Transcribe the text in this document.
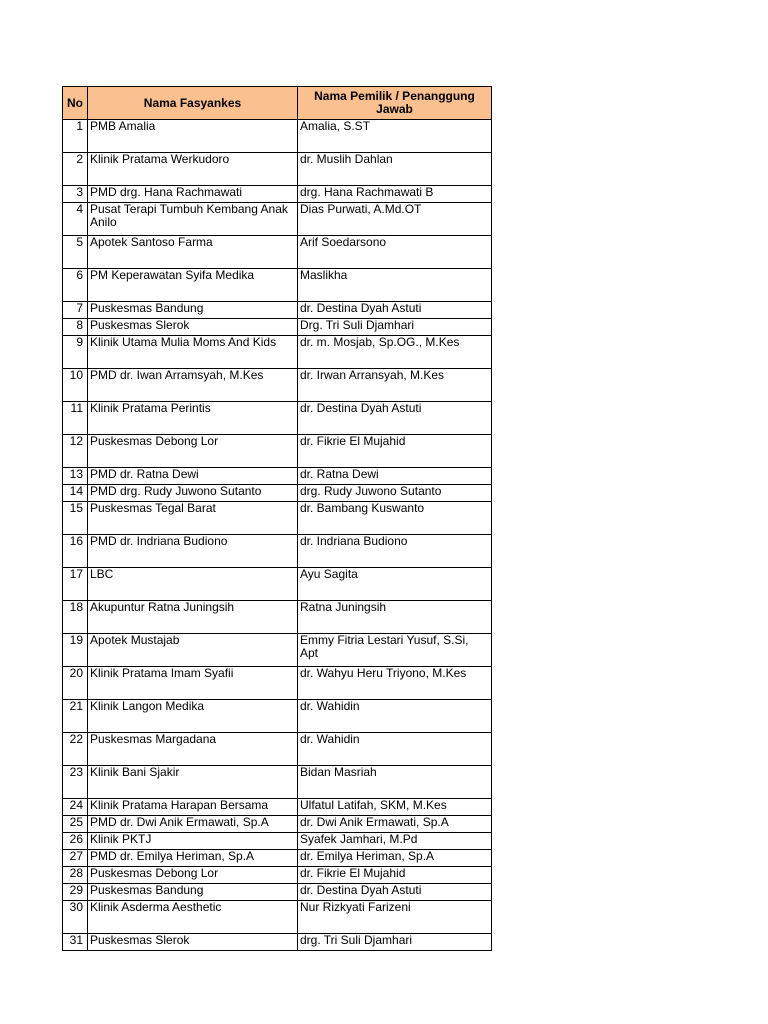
No	Nama Fasyankes	Nama Pemilik / Penanggung Jawab
1	PMB Amalia	Amalia, S.ST
2	Klinik Pratama Werkudoro	dr. Muslih Dahlan
3	PMD drg. Hana Rachmawati	drg. Hana Rachmawati B
4	Pusat Terapi Tumbuh Kembang Anak Anilo	Dias Purwati, A.Md.OT
5	Apotek Santoso Farma	Arif Soedarsono
6	PM Keperawatan Syifa Medika	Maslikha
7	Puskesmas Bandung	dr. Destina Dyah Astuti
8	Puskesmas Slerok	Drg. Tri Suli Djamhari
9	Klinik Utama Mulia Moms And Kids	dr. m. Mosjab, Sp.OG., M.Kes
10	PMD dr. Iwan Arramsyah, M.Kes	dr. Irwan Arransyah, M.Kes
11	Klinik Pratama Perintis	dr. Destina Dyah Astuti
12	Puskesmas Debong Lor	dr. Fikrie El Mujahid
13	PMD dr. Ratna Dewi	dr. Ratna Dewi
14	PMD drg. Rudy Juwono Sutanto	drg. Rudy Juwono Sutanto
15	Puskesmas Tegal Barat	dr. Bambang Kuswanto
16	PMD dr. Indriana Budiono	dr. Indriana Budiono
17	LBC	Ayu Sagita
18	Akupuntur Ratna Juningsih	Ratna Juningsih
19	Apotek Mustajab	Emmy Fitria Lestari Yusuf, S.Si, Apt
20	Klinik Pratama Imam Syafii	dr. Wahyu Heru Triyono, M.Kes
21	Klinik Langon Medika	dr. Wahidin
22	Puskesmas Margadana	dr. Wahidin
23	Klinik Bani Sjakir	Bidan Masriah
24	Klinik Pratama Harapan Bersama	Ulfatul Latifah, SKM, M.Kes
25	PMD dr. Dwi Anik Ermawati, Sp.A	dr. Dwi Anik Ermawati, Sp.A
26	Klinik PKTJ	Syafek Jamhari, M.Pd
27	PMD dr. Emilya Heriman, Sp.A	dr. Emilya Heriman, Sp.A
28	Puskesmas Debong Lor	dr. Fikrie El Mujahid
29	Puskesmas Bandung	dr. Destina Dyah Astuti
30	Klinik Asderma Aesthetic	Nur Rizkyati Farizeni
31	Puskesmas Slerok	drg. Tri Suli Djamhari
